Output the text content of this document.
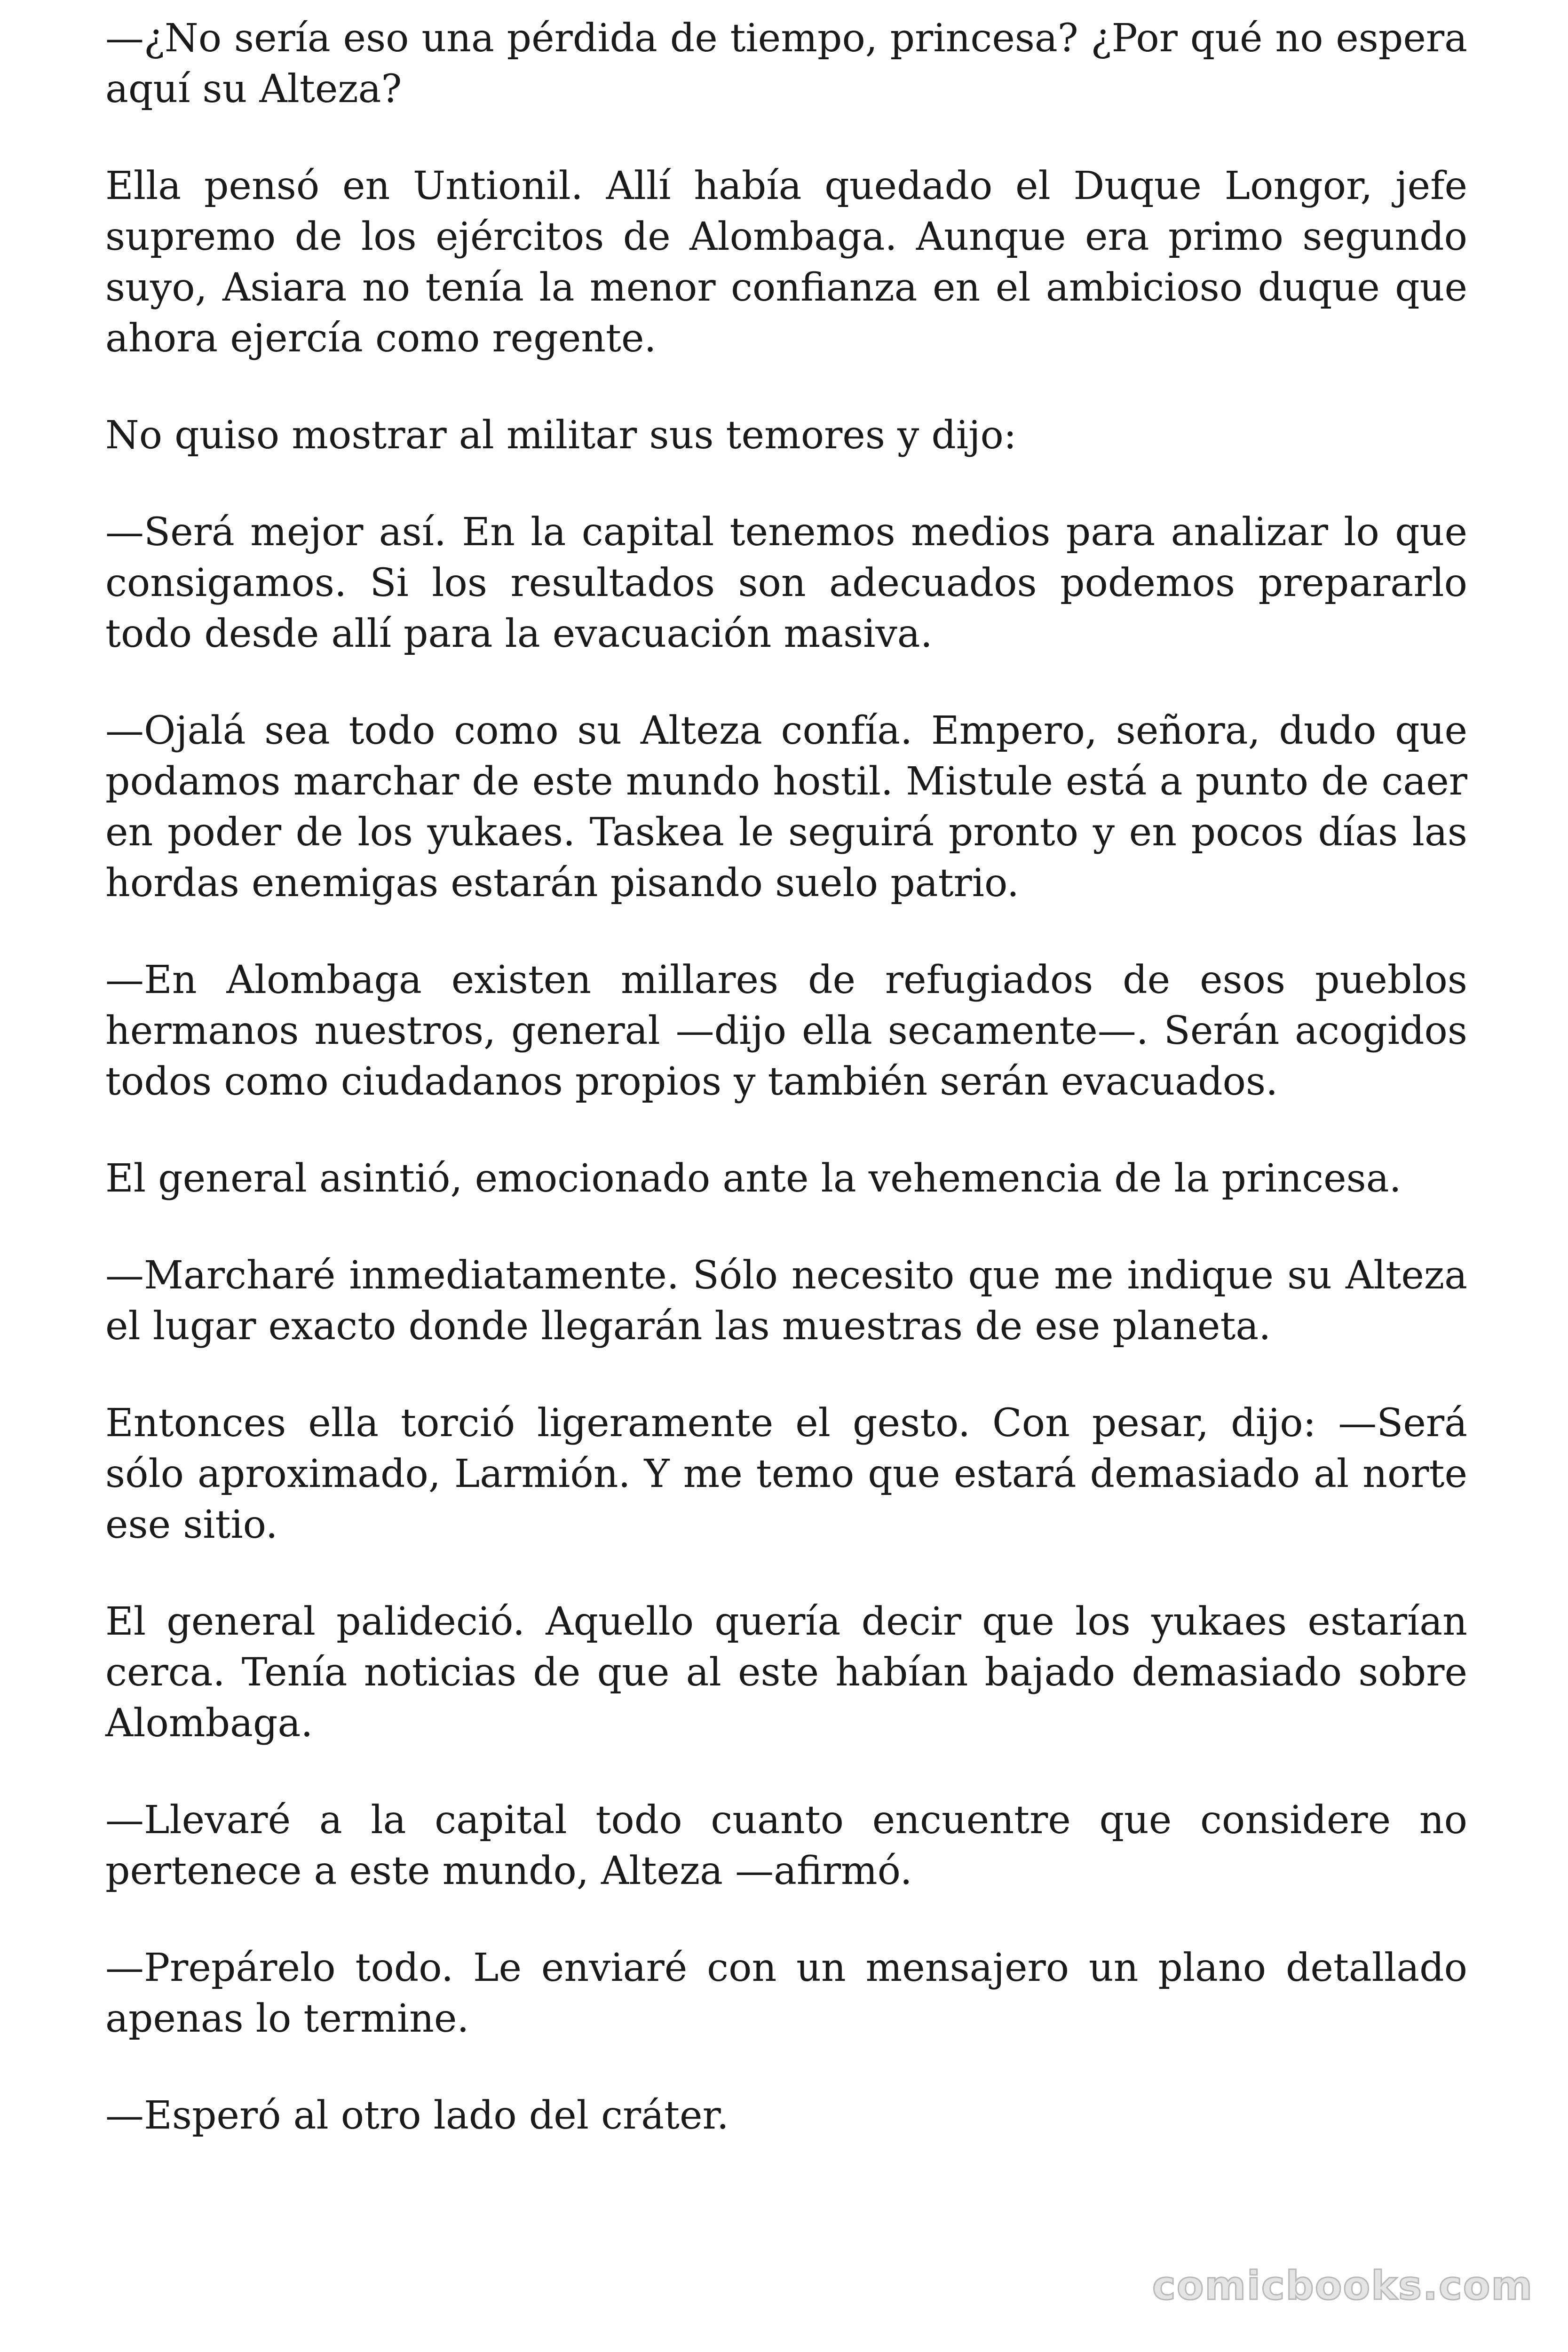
—¿No sería eso una pérdida de tiempo, princesa? ¿Por qué no espera aquí su Alteza?

Ella pensó en Untionil. Allí había quedado el Duque Longor, jefe supremo de los ejércitos de Alombaga. Aunque era primo segundo suyo, Asiara no tenía la menor confianza en el ambicioso duque que ahora ejercía como regente.

No quiso mostrar al militar sus temores y dijo:

—Será mejor así. En la capital tenemos medios para analizar lo que consigamos. Si los resultados son adecuados podemos prepararlo todo desde allí para la evacuación masiva.

—Ojalá sea todo como su Alteza confía. Empero, señora, dudo que podamos marchar de este mundo hostil. Mistule está a punto de caer en poder de los yukaes. Taskea le seguirá pronto y en pocos días las hordas enemigas estarán pisando suelo patrio.

—En Alombaga existen millares de refugiados de esos pueblos hermanos nuestros, general —dijo ella secamente—. Serán acogidos todos como ciudadanos propios y también serán evacuados.

El general asintió, emocionado ante la vehemencia de la princesa.

—Marcharé inmediatamente. Sólo necesito que me indique su Alteza el lugar exacto donde llegarán las muestras de ese planeta.

Entonces ella torció ligeramente el gesto. Con pesar, dijo: —Será sólo aproximado, Larmión. Y me temo que estará demasiado al norte ese sitio.

El general palideció. Aquello quería decir que los yukaes estarían cerca. Tenía noticias de que al este habían bajado demasiado sobre Alombaga.

—Llevaré a la capital todo cuanto encuentre que considere no pertenece a este mundo, Alteza —afirmó.

—Prepárelo todo. Le enviaré con un mensajero un plano detallado apenas lo termine.

—Esperó al otro lado del cráter.

comicbooks.com
